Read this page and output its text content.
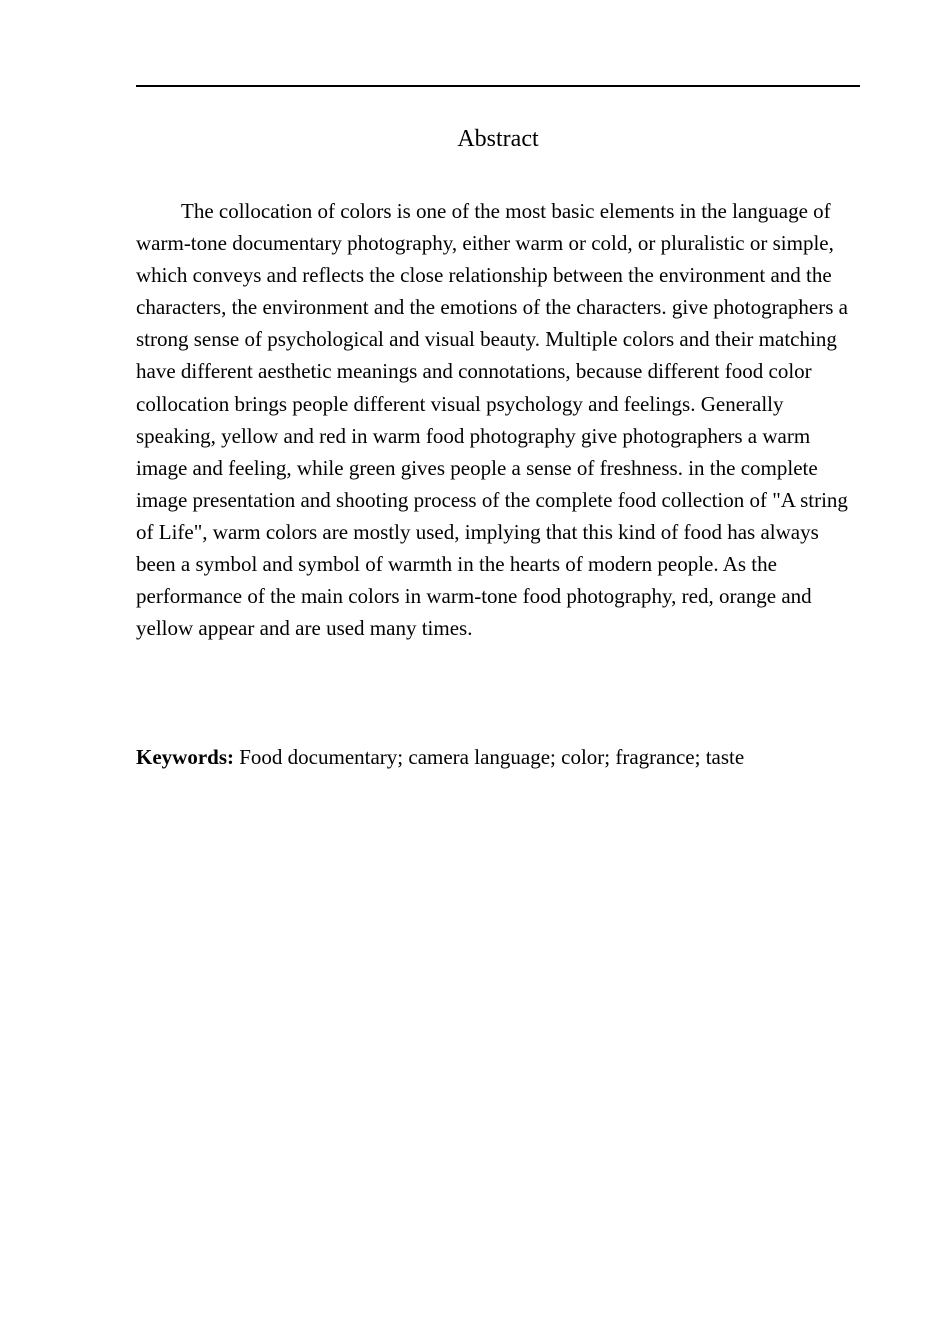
Abstract

The collocation of colors is one of the most basic elements in the language of warm-tone documentary photography, either warm or cold, or pluralistic or simple, which conveys and reflects the close relationship between the environment and the characters, the environment and the emotions of the characters. give photographers a strong sense of psychological and visual beauty. Multiple colors and their matching have different aesthetic meanings and connotations, because different food color collocation brings people different visual psychology and feelings. Generally speaking, yellow and red in warm food photography give photographers a warm image and feeling, while green gives people a sense of freshness. in the complete image presentation and shooting process of the complete food collection of "A string of Life", warm colors are mostly used, implying that this kind of food has always been a symbol and symbol of warmth in the hearts of modern people. As the performance of the main colors in warm-tone food photography, red, orange and yellow appear and are used many times.

Keywords: Food documentary; camera language; color; fragrance; taste
